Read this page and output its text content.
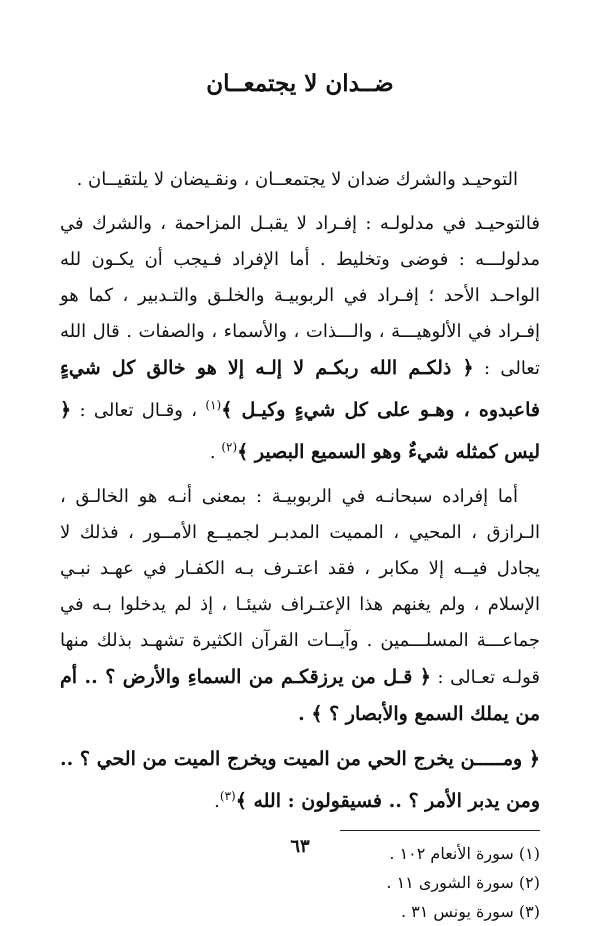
ضــدان لا يجتمعــان

التوحيـد والشرك ضدان لا يجتمعــان ، ونقـيضان لا يلتقيــان .

فالتوحيـد في مدلولـه : إفـراد لا يقبـل المزاحمة ، والشرك في مدلولـــه : فوضى وتخليط . أما الإفراد فـيجب أن يكـون لله الواحـد الأحد ؛ إفـراد في الربوبيـة والخلـق والتـدبير ، كما هو إفـراد في الألوهيـــة ، والـــذات ، والأسماء ، والصفات . قال الله تعالى : ﴿ ذلكـم الله ربكـم لا إلـه إلا هو خالق كل شيءٍ فاعبدوه ، وهـو على كل شيءٍ وكيـل ﴾$^{(١)}$ ، وقـال تعالى : ﴿ ليس كمثله شيءٌ وهو السميع البصير ﴾$^{(٢)}$ .

أما إفراده سبحانـه في الربوبيـة : بمعنى أنـه هو الخالـق ، الـرازق ، المحيي ، المميت المدبـر لجميــع الأمــور ، فذلك لا يجادل فيــه إلا مكابر ، فقد اعتـرف بـه الكفـار في عهـد نبـي الإسلام ، ولم يغنهم هذا الإعتـراف شيئـا ، إذ لم يدخلوا بـه في جماعـــة المسلـــمين . وآيــات القرآن الكثيرة تشهـد بذلك منها قولـه تعـالى : ﴿ قـل من يرزقكـم من السماءِ والأرض ؟ .. أم من يملك السمع والأبصار ؟ ﴾ .

﴿ ومـــــن يخرج الحي من الميت ويخرج الميت من الحي ؟ .. ومن يدبر الأمر ؟ .. فسيقولون : الله ﴾$^{(٣)}$.

(١) سورة الأنعام ١٠٢ .
(٢) سورة الشورى ١١ .
(٣) سورة يونس ٣١ .
٦٣
